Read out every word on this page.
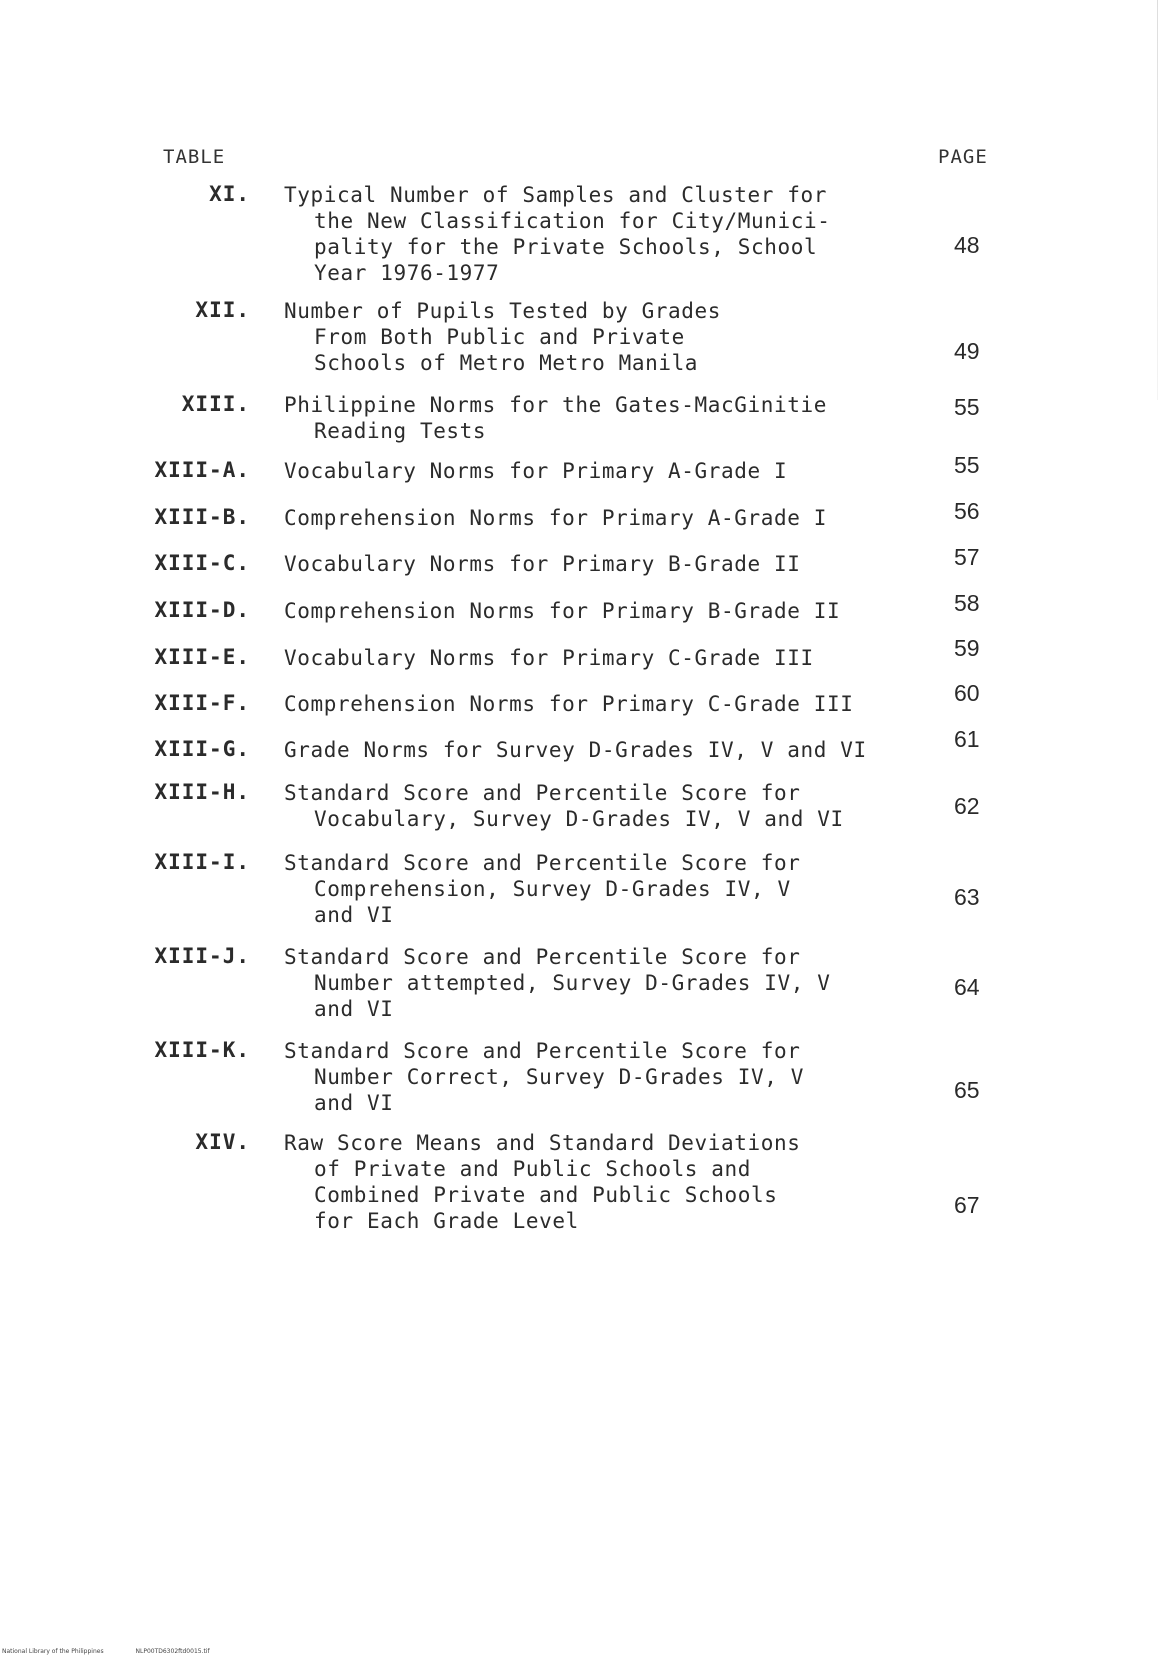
TABLE	PAGE
XI. Typical Number of Samples and Cluster for
the New Classification for City/Munici-
pality for the Private Schools, School
Year 1976-1977
48
XII. Number of Pupils Tested by Grades
From Both Public and Private
Schools of Metro Metro Manila	49
XIII. Philippine Norms for the Gates-MacGinitie
Reading Tests
55
XIII-A. Vocabulary Norms for Primary A-Grade I	55
XIII-B. Comprehension Norms for Primary A-Grade I	56
XIII-C. Vocabulary Norms for Primary B-Grade II	57
XIII-D. Comprehension Norms for Primary B-Grade II	58
XIII-E. Vocabulary Norms for Primary C-Grade III	59
XIII-F. Comprehension Norms for Primary C-Grade III	60
XIII-G. Grade Norms for Survey D-Grades IV, V and VI	61
XIII-H. Standard Score and Percentile Score for
Vocabulary, Survey D-Grades IV, V and VI	62
XIII-I. Standard Score and Percentile Score for
Comprehension, Survey D-Grades IV, V
and VI
63
XIII-J. Standard Score and Percentile Score for
Number attempted, Survey D-Grades IV, V
and VI
64
XIII-K. Standard Score and Percentile Score for
Number Correct, Survey D-Grades IV, V
and VI	65
XIV. Raw Score Means and Standard Deviations
of Private and Public Schools and
Combined Private and Public Schools
for Each Grade Level
67
National Library of the Philippines	NLP00TD6302ftd0015.tif
